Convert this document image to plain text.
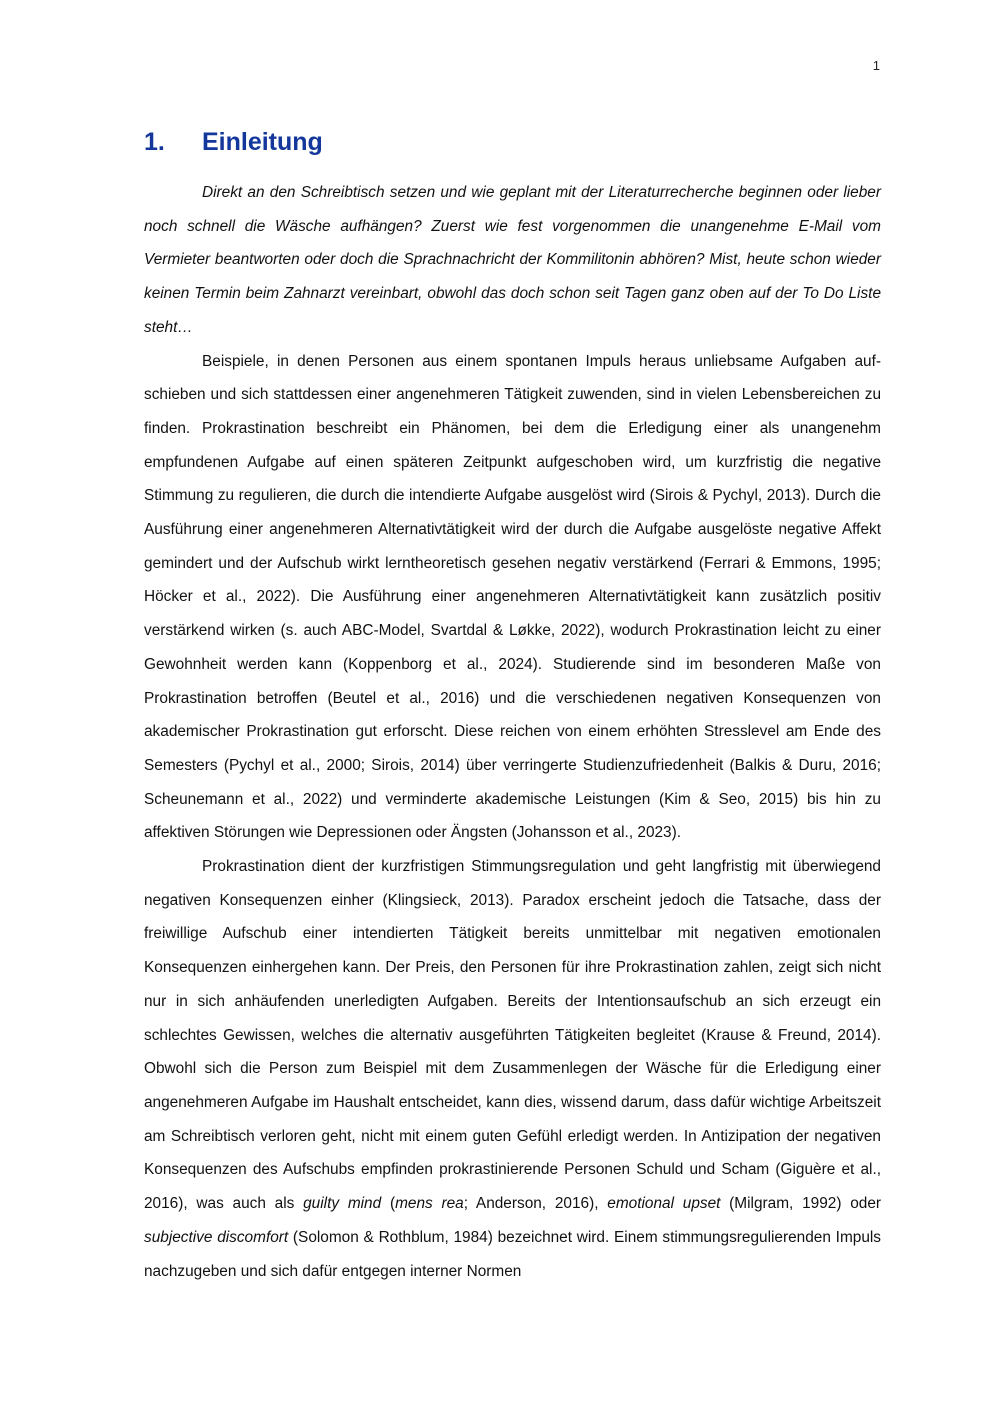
1
1.	Einleitung

Direkt an den Schreibtisch setzen und wie geplant mit der Literaturrecherche beginnen oder lieber noch schnell die Wäsche aufhängen? Zuerst wie fest vorgenommen die unangenehme E-Mail vom Vermieter beantworten oder doch die Sprachnachricht der Kommilitonin abhören? Mist, heute schon wieder keinen Termin beim Zahnarzt vereinbart, obwohl das doch schon seit Tagen ganz oben auf der To Do Liste steht…

Beispiele, in denen Personen aus einem spontanen Impuls heraus unliebsame Aufgaben aufschieben und sich stattdessen einer angenehmeren Tätigkeit zuwenden, sind in vielen Lebensbereichen zu finden. Prokrastination beschreibt ein Phänomen, bei dem die Erledigung einer als unangenehm empfundenen Aufgabe auf einen späteren Zeitpunkt aufgeschoben wird, um kurzfristig die negative Stimmung zu regulieren, die durch die intendierte Aufgabe ausgelöst wird (Sirois & Pychyl, 2013). Durch die Ausführung einer angenehmeren Alternativtätigkeit wird der durch die Aufgabe ausgelöste negative Affekt gemindert und der Aufschub wirkt lerntheoretisch gesehen negativ verstärkend (Ferrari & Emmons, 1995; Höcker et al., 2022). Die Ausführung einer angenehmeren Alternativtätigkeit kann zusätzlich positiv verstärkend wirken (s. auch ABC-Model, Svartdal & Løkke, 2022), wodurch Prokrastination leicht zu einer Gewohnheit werden kann (Koppenborg et al., 2024). Studierende sind im besonderen Maße von Prokrastination betroffen (Beutel et al., 2016) und die verschiedenen negativen Konsequenzen von akademischer Prokrastination gut erforscht. Diese reichen von einem erhöhten Stresslevel am Ende des Semesters (Pychyl et al., 2000; Sirois, 2014) über verringerte Studienzufriedenheit (Balkis & Duru, 2016; Scheunemann et al., 2022) und verminderte akademische Leistungen (Kim & Seo, 2015) bis hin zu affektiven Störungen wie Depressionen oder Ängsten (Johansson et al., 2023).

Prokrastination dient der kurzfristigen Stimmungsregulation und geht langfristig mit überwiegend negativen Konsequenzen einher (Klingsieck, 2013). Paradox erscheint jedoch die Tatsache, dass der freiwillige Aufschub einer intendierten Tätigkeit bereits unmittelbar mit negativen emotionalen Konsequenzen einhergehen kann. Der Preis, den Personen für ihre Prokrastination zahlen, zeigt sich nicht nur in sich anhäufenden unerledigten Aufgaben. Bereits der Intentionsaufschub an sich erzeugt ein schlechtes Gewissen, welches die alternativ ausgeführten Tätigkeiten begleitet (Krause & Freund, 2014). Obwohl sich die Person zum Beispiel mit dem Zusammenlegen der Wäsche für die Erledigung einer angenehmeren Aufgabe im Haushalt entscheidet, kann dies, wissend darum, dass dafür wichtige Arbeitszeit am Schreibtisch verloren geht, nicht mit einem guten Gefühl erledigt werden. In Antizipation der negativen Konsequenzen des Aufschubs empfinden prokrastinierende Personen Schuld und Scham (Giguère et al., 2016), was auch als guilty mind (mens rea; Anderson, 2016), emotional upset (Milgram, 1992) oder subjective discomfort (Solomon & Rothblum, 1984) bezeichnet wird. Einem stimmungsregulierenden Impuls nachzugeben und sich dafür entgegen interner Normen
